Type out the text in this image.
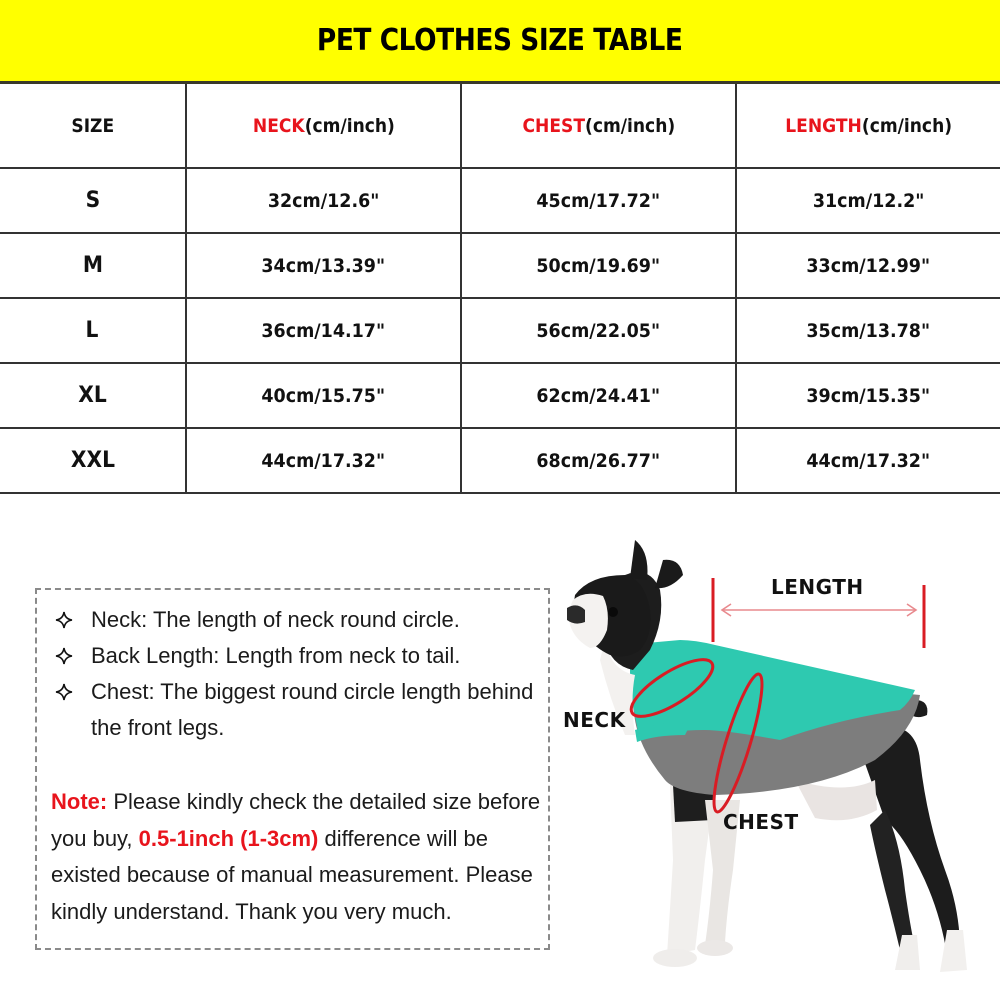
PET CLOTHES SIZE TABLE
SIZE	NECK(cm/inch)	CHEST(cm/inch)	LENGTH(cm/inch)
S	32cm/12.6"	45cm/17.72"	31cm/12.2"
M	34cm/13.39"	50cm/19.69"	33cm/12.99"
L	36cm/14.17"	56cm/22.05"	35cm/13.78"
XL	40cm/15.75"	62cm/24.41"	39cm/15.35"
XXL	44cm/17.32"	68cm/26.77"	44cm/17.32"
Neck: The length of neck round circle.
Back Length: Length from neck to tail.
Chest: The biggest round circle length behind the front legs.

Note: Please kindly check the detailed size before you buy, 0.5-1inch (1-3cm) difference will be existed because of manual measurement. Please kindly understand. Thank you very much.

LENGTH
NECK
CHEST
